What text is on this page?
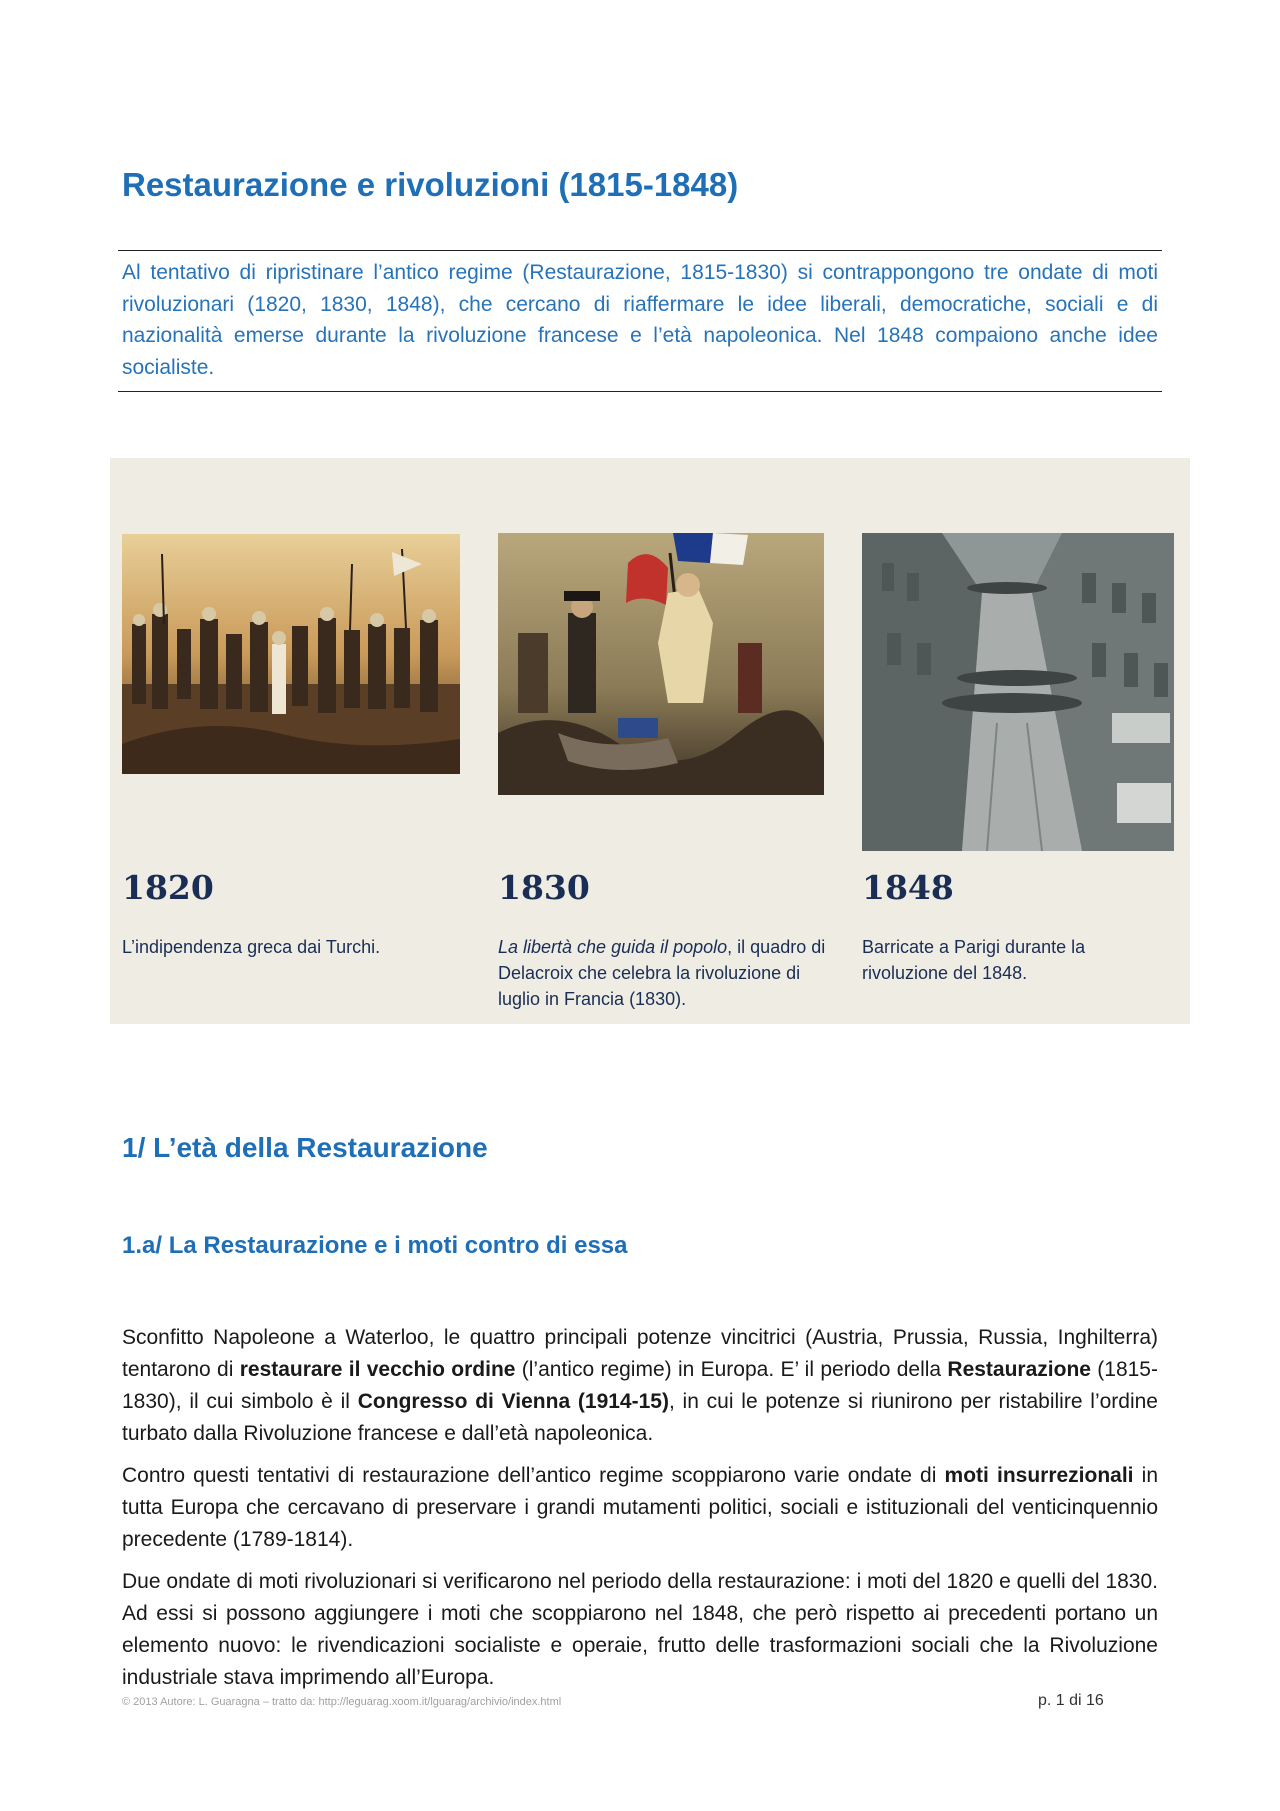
Restaurazione e rivoluzioni (1815-1848)

Al tentativo di ripristinare l’antico regime (Restaurazione, 1815-1830) si contrappongono tre ondate di moti rivoluzionari (1820, 1830, 1848), che cercano di riaffermare le idee liberali, democratiche, sociali e di nazionalità emerse durante la rivoluzione francese e l’età napoleonica. Nel 1848 compaiono anche idee socialiste.

1820	1830	1848

L’indipendenza greca dai Turchi.	La libertà che guida il popolo, il quadro di Delacroix che celebra la rivoluzione di luglio in Francia (1830).

Barricate a Parigi durante la rivoluzione del 1848.

1/ L’età della Restaurazione
1.a/ La Restaurazione e i moti contro di essa

Sconfitto Napoleone a Waterloo, le quattro principali potenze vincitrici (Austria, Prussia, Russia, Inghilterra) tentarono di restaurare il vecchio ordine (l’antico regime) in Europa. E’ il periodo della Restaurazione (1815-1830), il cui simbolo è il Congresso di Vienna (1914-15), in cui le potenze si riunirono per ristabilire l’ordine turbato dalla Rivoluzione francese e dall’età napoleonica.

Contro questi tentativi di restaurazione dell’antico regime scoppiarono varie ondate di moti insurrezionali in tutta Europa che cercavano di preservare i grandi mutamenti politici, sociali e istituzionali del venticinquennio precedente (1789-1814).

Due ondate di moti rivoluzionari si verificarono nel periodo della restaurazione: i moti del 1820 e quelli del 1830. Ad essi si possono aggiungere i moti che scoppiarono nel 1848, che però rispetto ai precedenti portano un elemento nuovo: le rivendicazioni socialiste e operaie, frutto delle trasformazioni sociali che la Rivoluzione industriale stava imprimendo all’Europa.

© 2013 Autore: L. Guaragna – tratto da: http://leguarag.xoom.it/lguarag/archivio/index.html	p. 1 di 16
